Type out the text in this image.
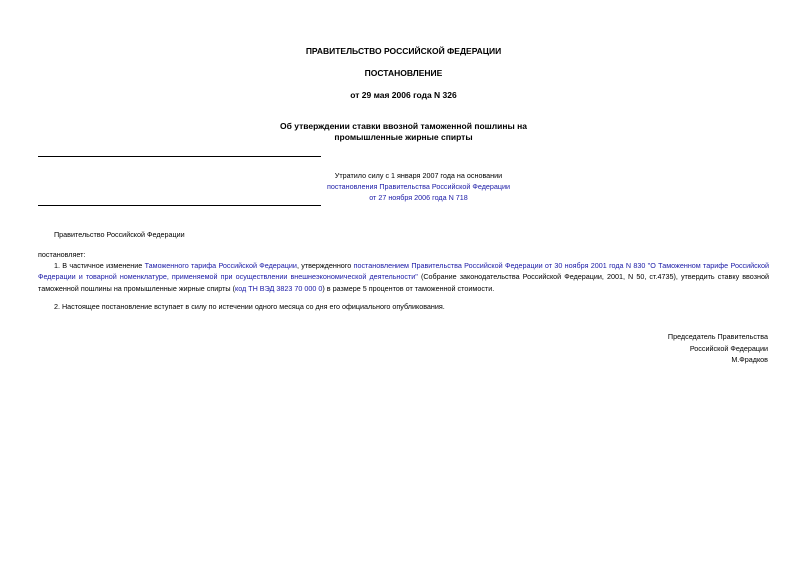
ПРАВИТЕЛЬСТВО РОССИЙСКОЙ ФЕДЕРАЦИИ
ПОСТАНОВЛЕНИЕ
от 29 мая 2006 года N 326
Об утверждении ставки ввозной таможенной пошлины на
промышленные жирные спирты
Утратило силу с 1 января 2007 года на основании
постановления Правительства Российской Федерации
от 27 ноября 2006 года N 718
Правительство Российской Федерации
постановляет:
1. В частичное изменение Таможенного тарифа Российской Федерации, утвержденного постановлением Правительства Российской Федерации от 30 ноября 2001 года N 830 "О Таможенном тарифе Российской Федерации и товарной номенклатуре, применяемой при осуществлении внешнеэкономической деятельности" (Собрание законодательства Российской Федерации, 2001, N 50, ст.4735), утвердить ставку ввозной таможенной пошлины на промышленные жирные спирты (код ТН ВЭД 3823 70 000 0) в размере 5 процентов от таможенной стоимости.
2. Настоящее постановление вступает в силу по истечении одного месяца со дня его официального опубликования.
Председатель Правительства
Российской Федерации
М.Фрадков
